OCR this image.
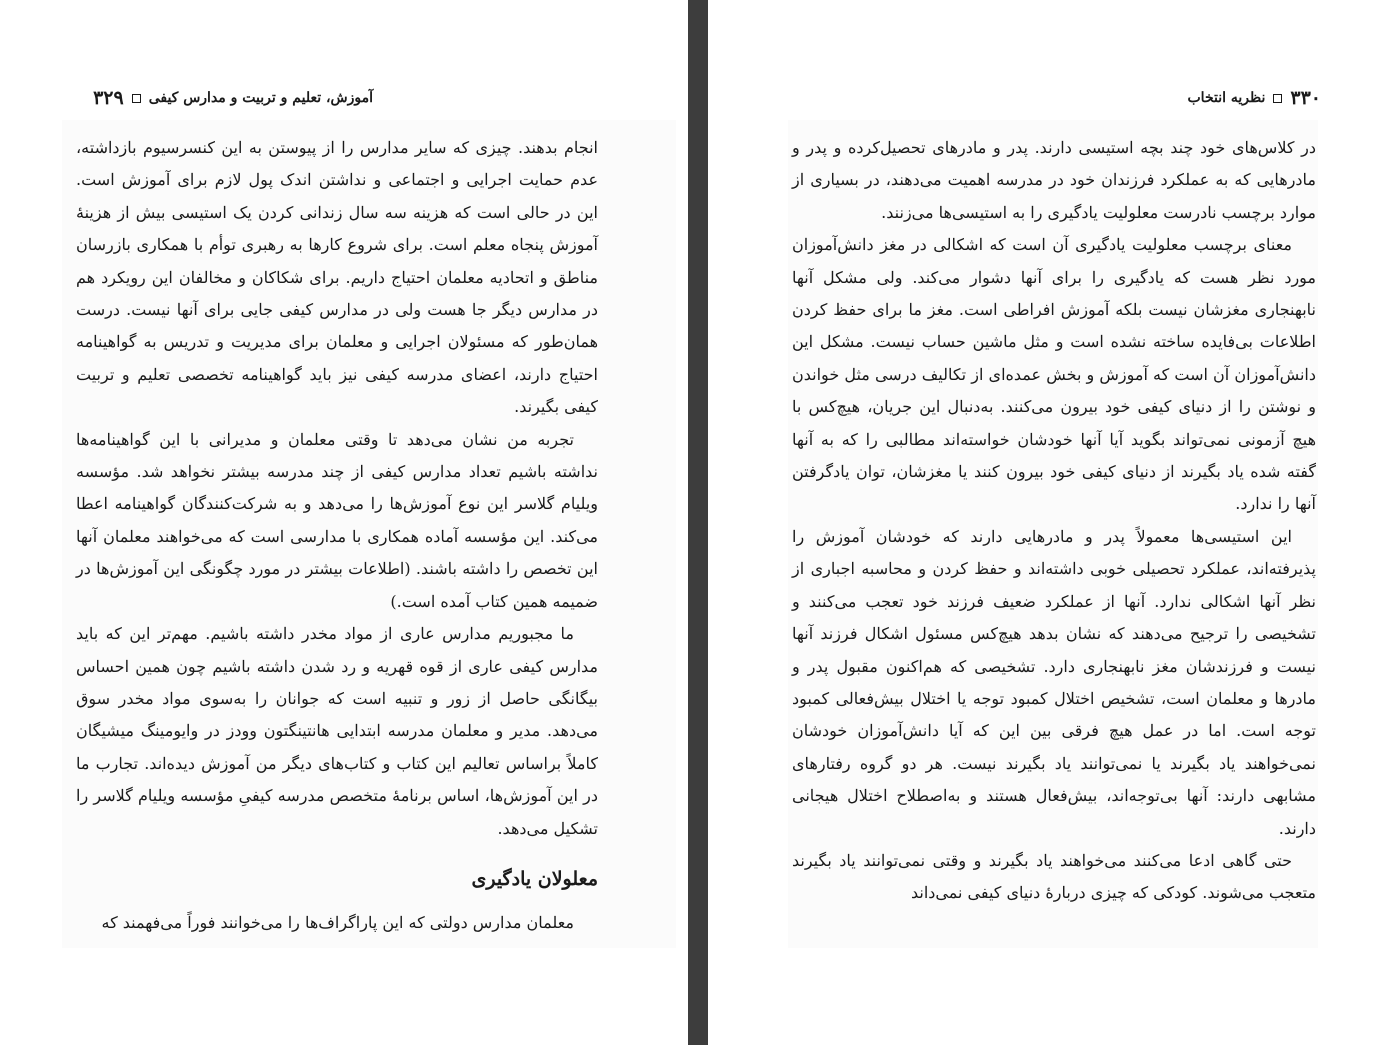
آموزش، تعلیم و تربیت و مدارس کیفی
۳۲۹

انجام بدهند. چیزی که سایر مدارس را از پیوستن به این کنسرسیوم بازداشته، عدم حمایت اجرایی و اجتماعی و نداشتن اندک پول لازم برای آموزش است. این در حالی است که هزینه سه سال زندانی کردن یک استیسی بیش از هزینهٔ آموزش پنجاه معلم است. برای شروع کارها به رهبری توأم با همکاری بازرسان مناطق و اتحادیه معلمان احتیاج داریم. برای شکاکان و مخالفان این رویکرد هم در مدارس دیگر جا هست ولی در مدارس کیفی جایی برای آنها نیست. درست همان‌طور که مسئولان اجرایی و معلمان برای مدیریت و تدریس به گواهینامه احتیاج دارند، اعضای مدرسه کیفی نیز باید گواهینامه تخصصی تعلیم و تربیت کیفی بگیرند.

تجربه من نشان می‌دهد تا وقتی معلمان و مدیرانی با این گواهینامه‌ها نداشته باشیم تعداد مدارس کیفی از چند مدرسه بیشتر نخواهد شد. مؤسسه ویلیام گلاسر این نوع آموزش‌ها را می‌دهد و به شرکت‌کنندگان گواهینامه اعطا می‌کند. این مؤسسه آماده همکاری با مدارسی است که می‌خواهند معلمان آنها این تخصص را داشته باشند. (اطلاعات بیشتر در مورد چگونگی این آموزش‌ها در ضمیمه همین کتاب آمده است.)

ما مجبوریم مدارس عاری از مواد مخدر داشته باشیم. مهم‌تر این که باید مدارس کیفی عاری از قوه قهریه و رد شدن داشته باشیم چون همین احساس بیگانگی حاصل از زور و تنبیه است که جوانان را به‌سوی مواد مخدر سوق می‌دهد. مدیر و معلمان مدرسه ابتدایی هانتینگتون وودز در وایومینگ میشیگان کاملاً براساس تعالیم این کتاب و کتاب‌های دیگر من آموزش دیده‌اند. تجارب ما در این آموزش‌ها، اساس برنامهٔ متخصص مدرسه کیفیِ مؤسسه ویلیام گلاسر را تشکیل می‌دهد.

معلولان یادگیری

معلمان مدارس دولتی که این پاراگراف‌ها را می‌خوانند فوراً می‌فهمند که

۳۳۰
نظریه انتخاب

در کلاس‌های خود چند بچه استیسی دارند. پدر و مادرهای تحصیل‌کرده و پدر و مادرهایی که به عملکرد فرزندان خود در مدرسه اهمیت می‌دهند، در بسیاری از موارد برچسب نادرست معلولیت یادگیری را به استیسی‌ها می‌زنند.

معنای برچسب معلولیت یادگیری آن است که اشکالی در مغز دانش‌آموزان مورد نظر هست که یادگیری را برای آنها دشوار می‌کند. ولی مشکل آنها نابهنجاری مغزشان نیست بلکه آموزش افراطی است. مغز ما برای حفظ کردن اطلاعات بی‌فایده ساخته نشده است و مثل ماشین حساب نیست. مشکل این دانش‌آموزان آن است که آموزش و بخش عمده‌ای از تکالیف درسی مثل خواندن و نوشتن را از دنیای کیفی خود بیرون می‌کنند. به‌دنبال این جریان، هیچ‌کس با هیچ آزمونی نمی‌تواند بگوید آیا آنها خودشان خواسته‌اند مطالبی را که به آنها گفته شده یاد بگیرند از دنیای کیفی خود بیرون کنند یا مغزشان، توان یادگرفتن آنها را ندارد.

این استیسی‌ها معمولاً پدر و مادرهایی دارند که خودشان آموزش را پذیرفته‌اند، عملکرد تحصیلی خوبی داشته‌اند و حفظ کردن و محاسبه اجباری از نظر آنها اشکالی ندارد. آنها از عملکرد ضعیف فرزند خود تعجب می‌کنند و تشخیصی را ترجیح می‌دهند که نشان بدهد هیچ‌کس مسئول اشکال فرزند آنها نیست و فرزندشان مغز نابهنجاری دارد. تشخیصی که هم‌اکنون مقبول پدر و مادرها و معلمان است، تشخیص اختلال کمبود توجه یا اختلال بیش‌فعالی کمبود توجه است. اما در عمل هیچ فرقی بین این که آیا دانش‌آموزان خودشان نمی‌خواهند یاد بگیرند یا نمی‌توانند یاد بگیرند نیست. هر دو گروه رفتارهای مشابهی دارند: آنها بی‌توجه‌اند، بیش‌فعال هستند و به‌اصطلاح اختلال هیجانی دارند.

حتی گاهی ادعا می‌کنند می‌خواهند یاد بگیرند و وقتی نمی‌توانند یاد بگیرند متعجب می‌شوند. کودکی که چیزی دربارهٔ دنیای کیفی نمی‌داند
